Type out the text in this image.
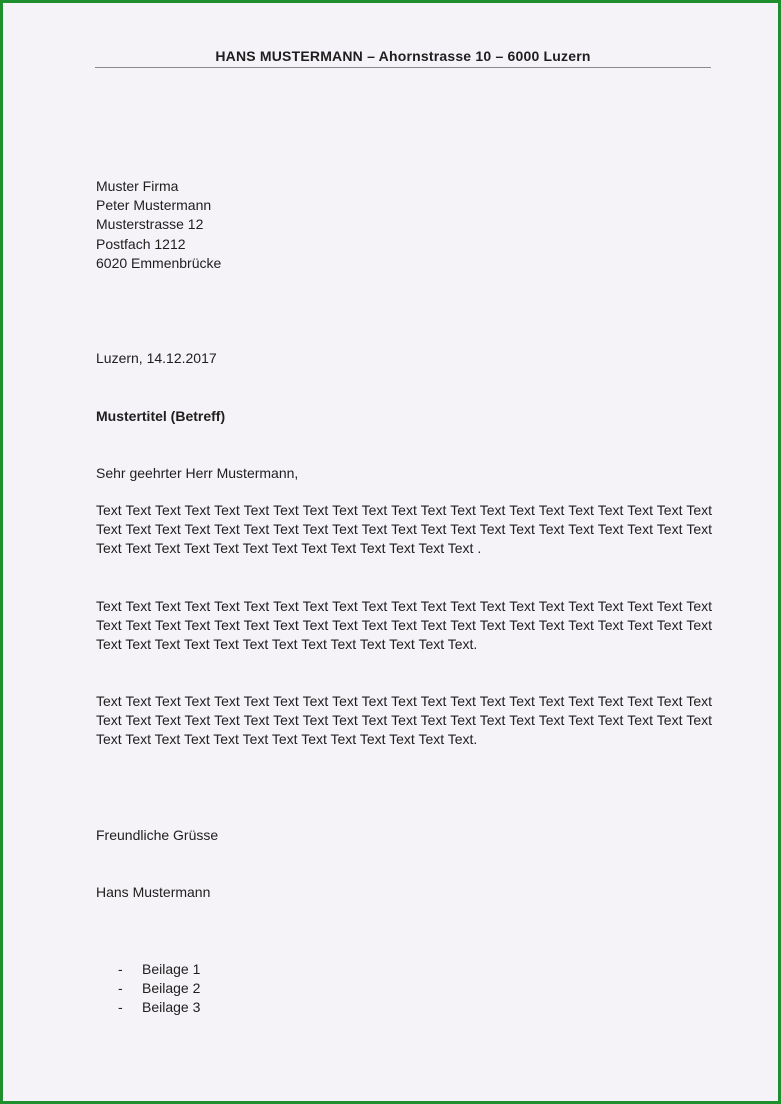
HANS MUSTERMANN – Ahornstrasse 10 – 6000 Luzern
Muster Firma
Peter Mustermann
Musterstrasse 12
Postfach 1212
6020 Emmenbrücke
Luzern, 14.12.2017
Mustertitel (Betreff)
Sehr geehrter Herr Mustermann,
Text Text Text Text Text Text Text Text Text Text Text Text Text Text Text Text Text Text Text Text Text Text Text Text Text Text Text Text Text Text Text Text Text Text Text Text Text Text Text Text Text Text Text Text Text Text Text Text Text Text Text Text Text Text Text .
Text Text Text Text Text Text Text Text Text Text Text Text Text Text Text Text Text Text Text Text Text Text Text Text Text Text Text Text Text Text Text Text Text Text Text Text Text Text Text Text Text Text Text Text Text Text Text Text Text Text Text Text Text Text Text.
Text Text Text Text Text Text Text Text Text Text Text Text Text Text Text Text Text Text Text Text Text Text Text Text Text Text Text Text Text Text Text Text Text Text Text Text Text Text Text Text Text Text Text Text Text Text Text Text Text Text Text Text Text Text Text.
Freundliche Grüsse
Hans Mustermann
- Beilage 1
- Beilage 2
- Beilage 3
